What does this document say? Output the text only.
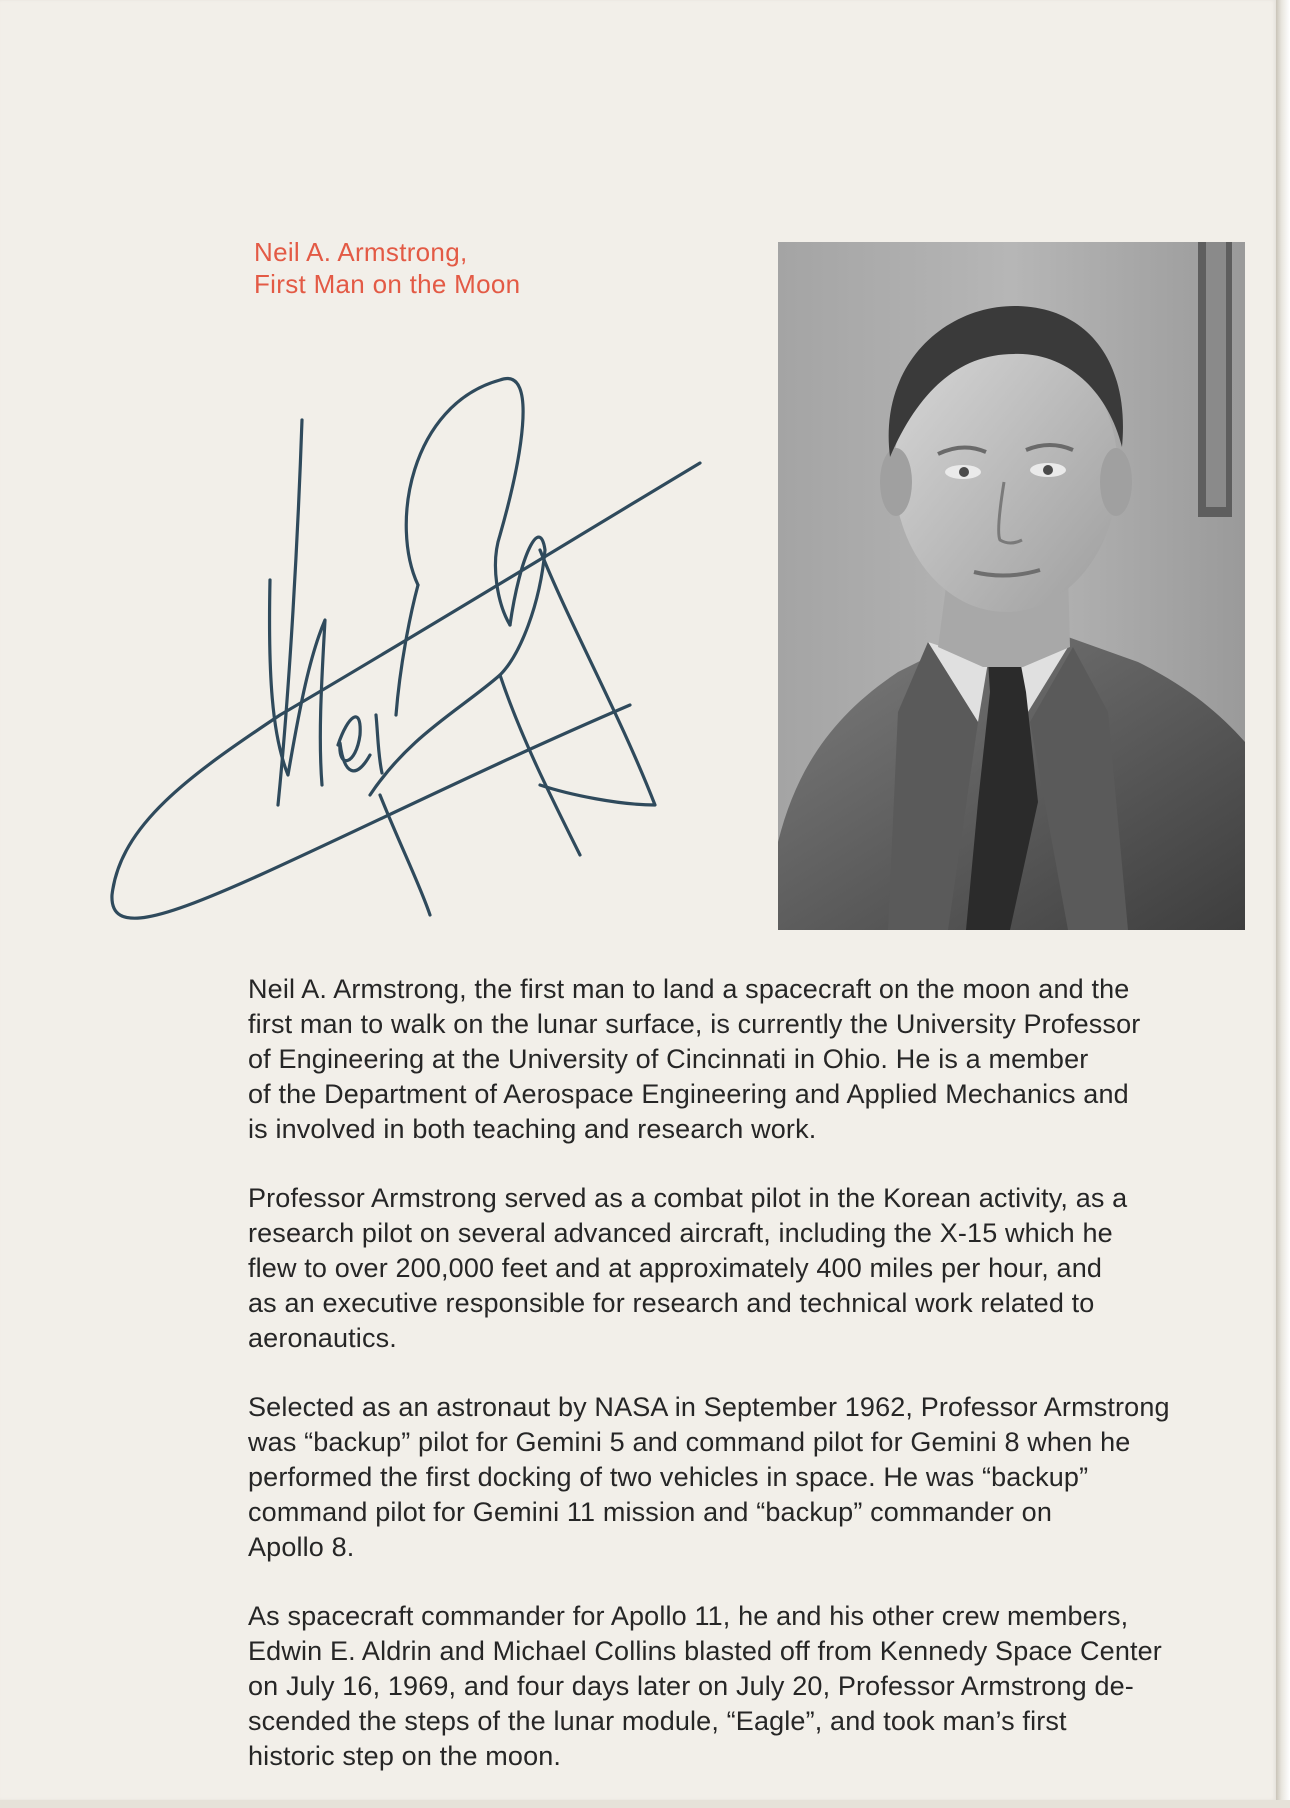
Neil A. Armstrong,
First Man on the Moon

Neil A. Armstrong, the first man to land a spacecraft on the moon and the
first man to walk on the lunar surface, is currently the University Professor
of Engineering at the University of Cincinnati in Ohio. He is a member
of the Department of Aerospace Engineering and Applied Mechanics and
is involved in both teaching and research work.

Professor Armstrong served as a combat pilot in the Korean activity, as a
research pilot on several advanced aircraft, including the X-15 which he
flew to over 200,000 feet and at approximately 400 miles per hour, and
as an executive responsible for research and technical work related to
aeronautics.

Selected as an astronaut by NASA in September 1962, Professor Armstrong
was “backup” pilot for Gemini 5 and command pilot for Gemini 8 when he
performed the first docking of two vehicles in space. He was “backup”
command pilot for Gemini 11 mission and “backup” commander on
Apollo 8.

As spacecraft commander for Apollo 11, he and his other crew members,
Edwin E. Aldrin and Michael Collins blasted off from Kennedy Space Center
on July 16, 1969, and four days later on July 20, Professor Armstrong de-
scended the steps of the lunar module, “Eagle”, and took man’s first
historic step on the moon.
